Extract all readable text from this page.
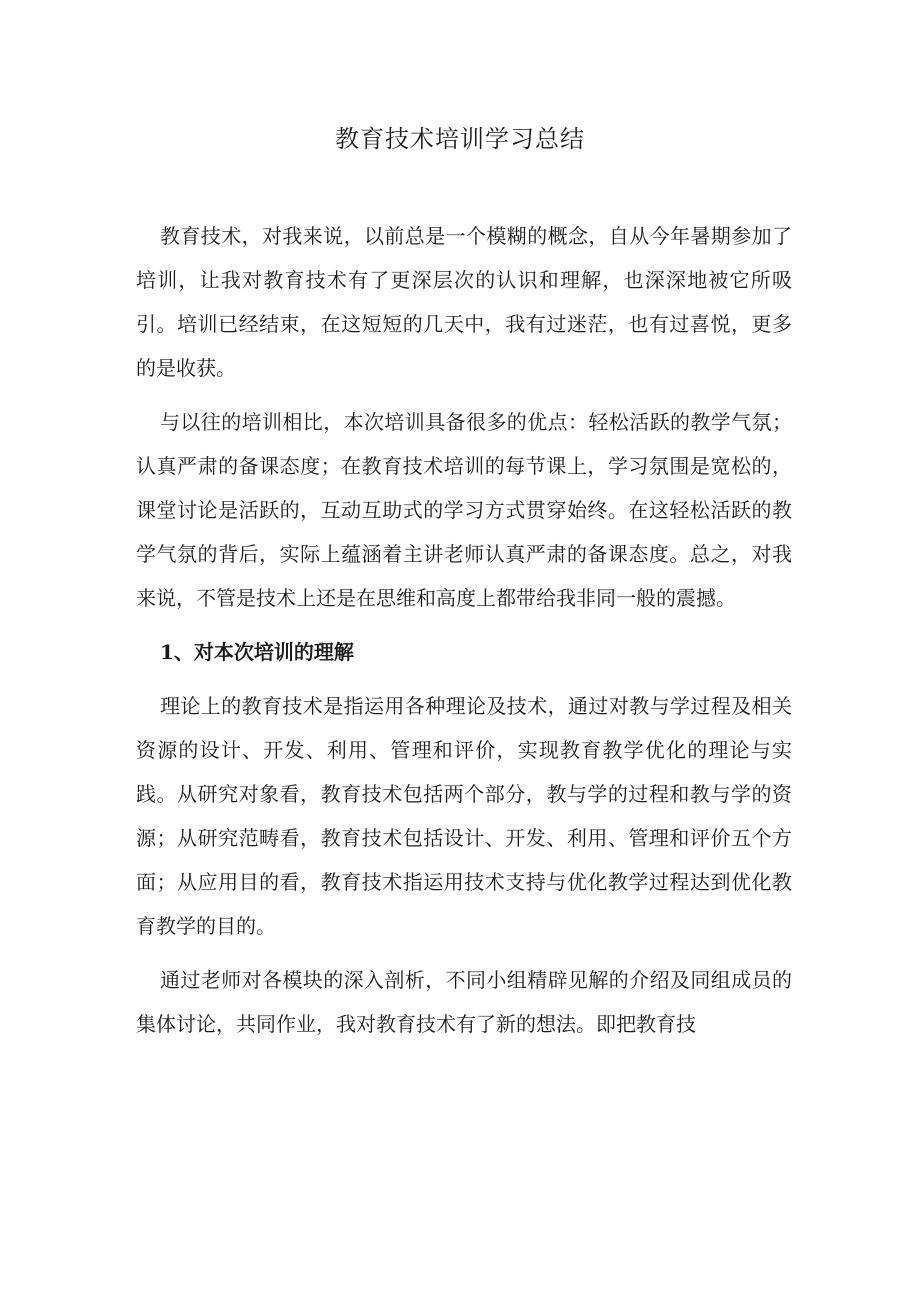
教育技术培训学习总结

教育技术，对我来说，以前总是一个模糊的概念，自从今年暑期参加了培训，让我对教育技术有了更深层次的认识和理解，也深深地被它所吸引。培训已经结束，在这短短的几天中，我有过迷茫，也有过喜悦，更多的是收获。

与以往的培训相比，本次培训具备很多的优点：轻松活跃的教学气氛；认真严肃的备课态度；在教育技术培训的每节课上，学习氛围是宽松的，课堂讨论是活跃的，互动互助式的学习方式贯穿始终。在这轻松活跃的教学气氛的背后，实际上蕴涵着主讲老师认真严肃的备课态度。总之，对我来说，不管是技术上还是在思维和高度上都带给我非同一般的震撼。

1、对本次培训的理解

理论上的教育技术是指运用各种理论及技术，通过对教与学过程及相关资源的设计、开发、利用、管理和评价，实现教育教学优化的理论与实践。从研究对象看，教育技术包括两个部分，教与学的过程和教与学的资源；从研究范畴看，教育技术包括设计、开发、利用、管理和评价五个方面；从应用目的看，教育技术指运用技术支持与优化教学过程达到优化教育教学的目的。

通过老师对各模块的深入剖析，不同小组精辟见解的介绍及同组成员的集体讨论，共同作业，我对教育技术有了新的想法。即把教育技
